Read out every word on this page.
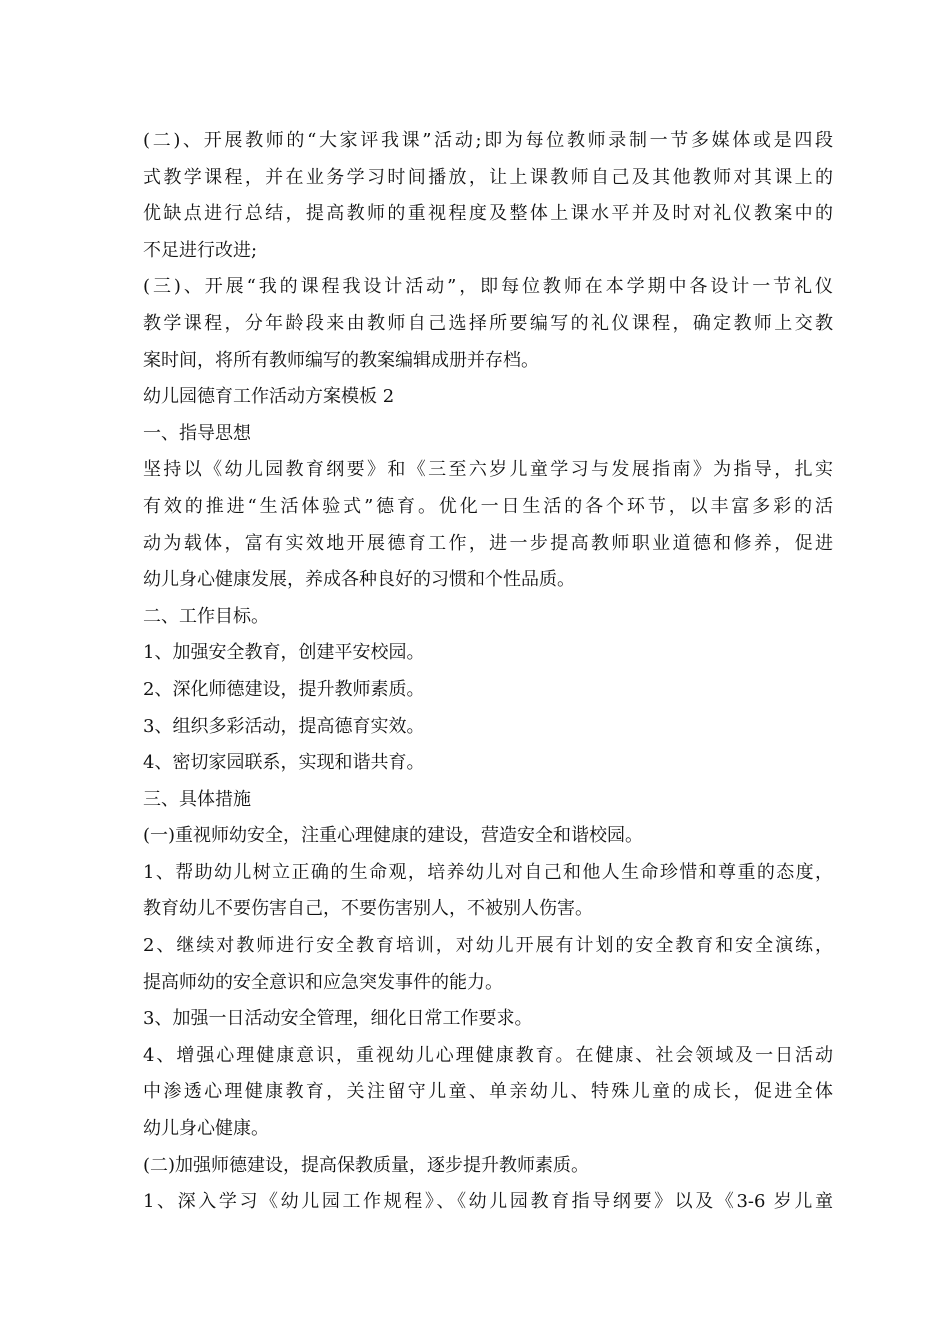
(二)、开展教师的“大家评我课”活动;即为每位教师录制一节多媒体或是四段
式教学课程，并在业务学习时间播放，让上课教师自己及其他教师对其课上的
优缺点进行总结，提高教师的重视程度及整体上课水平并及时对礼仪教案中的
不足进行改进;
(三)、开展“我的课程我设计活动”，即每位教师在本学期中各设计一节礼仪
教学课程，分年龄段来由教师自己选择所要编写的礼仪课程，确定教师上交教
案时间，将所有教师编写的教案编辑成册并存档。
幼儿园德育工作活动方案模板 2
一、指导思想
坚持以《幼儿园教育纲要》和《三至六岁儿童学习与发展指南》为指导，扎实
有效的推进“生活体验式”德育。优化一日生活的各个环节，以丰富多彩的活
动为载体，富有实效地开展德育工作，进一步提高教师职业道德和修养，促进
幼儿身心健康发展，养成各种良好的习惯和个性品质。
二、工作目标。
1、加强安全教育，创建平安校园。
2、深化师德建设，提升教师素质。
3、组织多彩活动，提高德育实效。
4、密切家园联系，实现和谐共育。
三、具体措施
(一)重视师幼安全，注重心理健康的建设，营造安全和谐校园。
1、帮助幼儿树立正确的生命观，培养幼儿对自己和他人生命珍惜和尊重的态度，
教育幼儿不要伤害自己，不要伤害别人，不被别人伤害。
2、继续对教师进行安全教育培训，对幼儿开展有计划的安全教育和安全演练，
提高师幼的安全意识和应急突发事件的能力。
3、加强一日活动安全管理，细化日常工作要求。
4、增强心理健康意识，重视幼儿心理健康教育。在健康、社会领域及一日活动
中渗透心理健康教育，关注留守儿童、单亲幼儿、特殊儿童的成长，促进全体
幼儿身心健康。
(二)加强师德建设，提高保教质量，逐步提升教师素质。
1、深入学习《幼儿园工作规程》、《幼儿园教育指导纲要》以及《3-6 岁儿童
